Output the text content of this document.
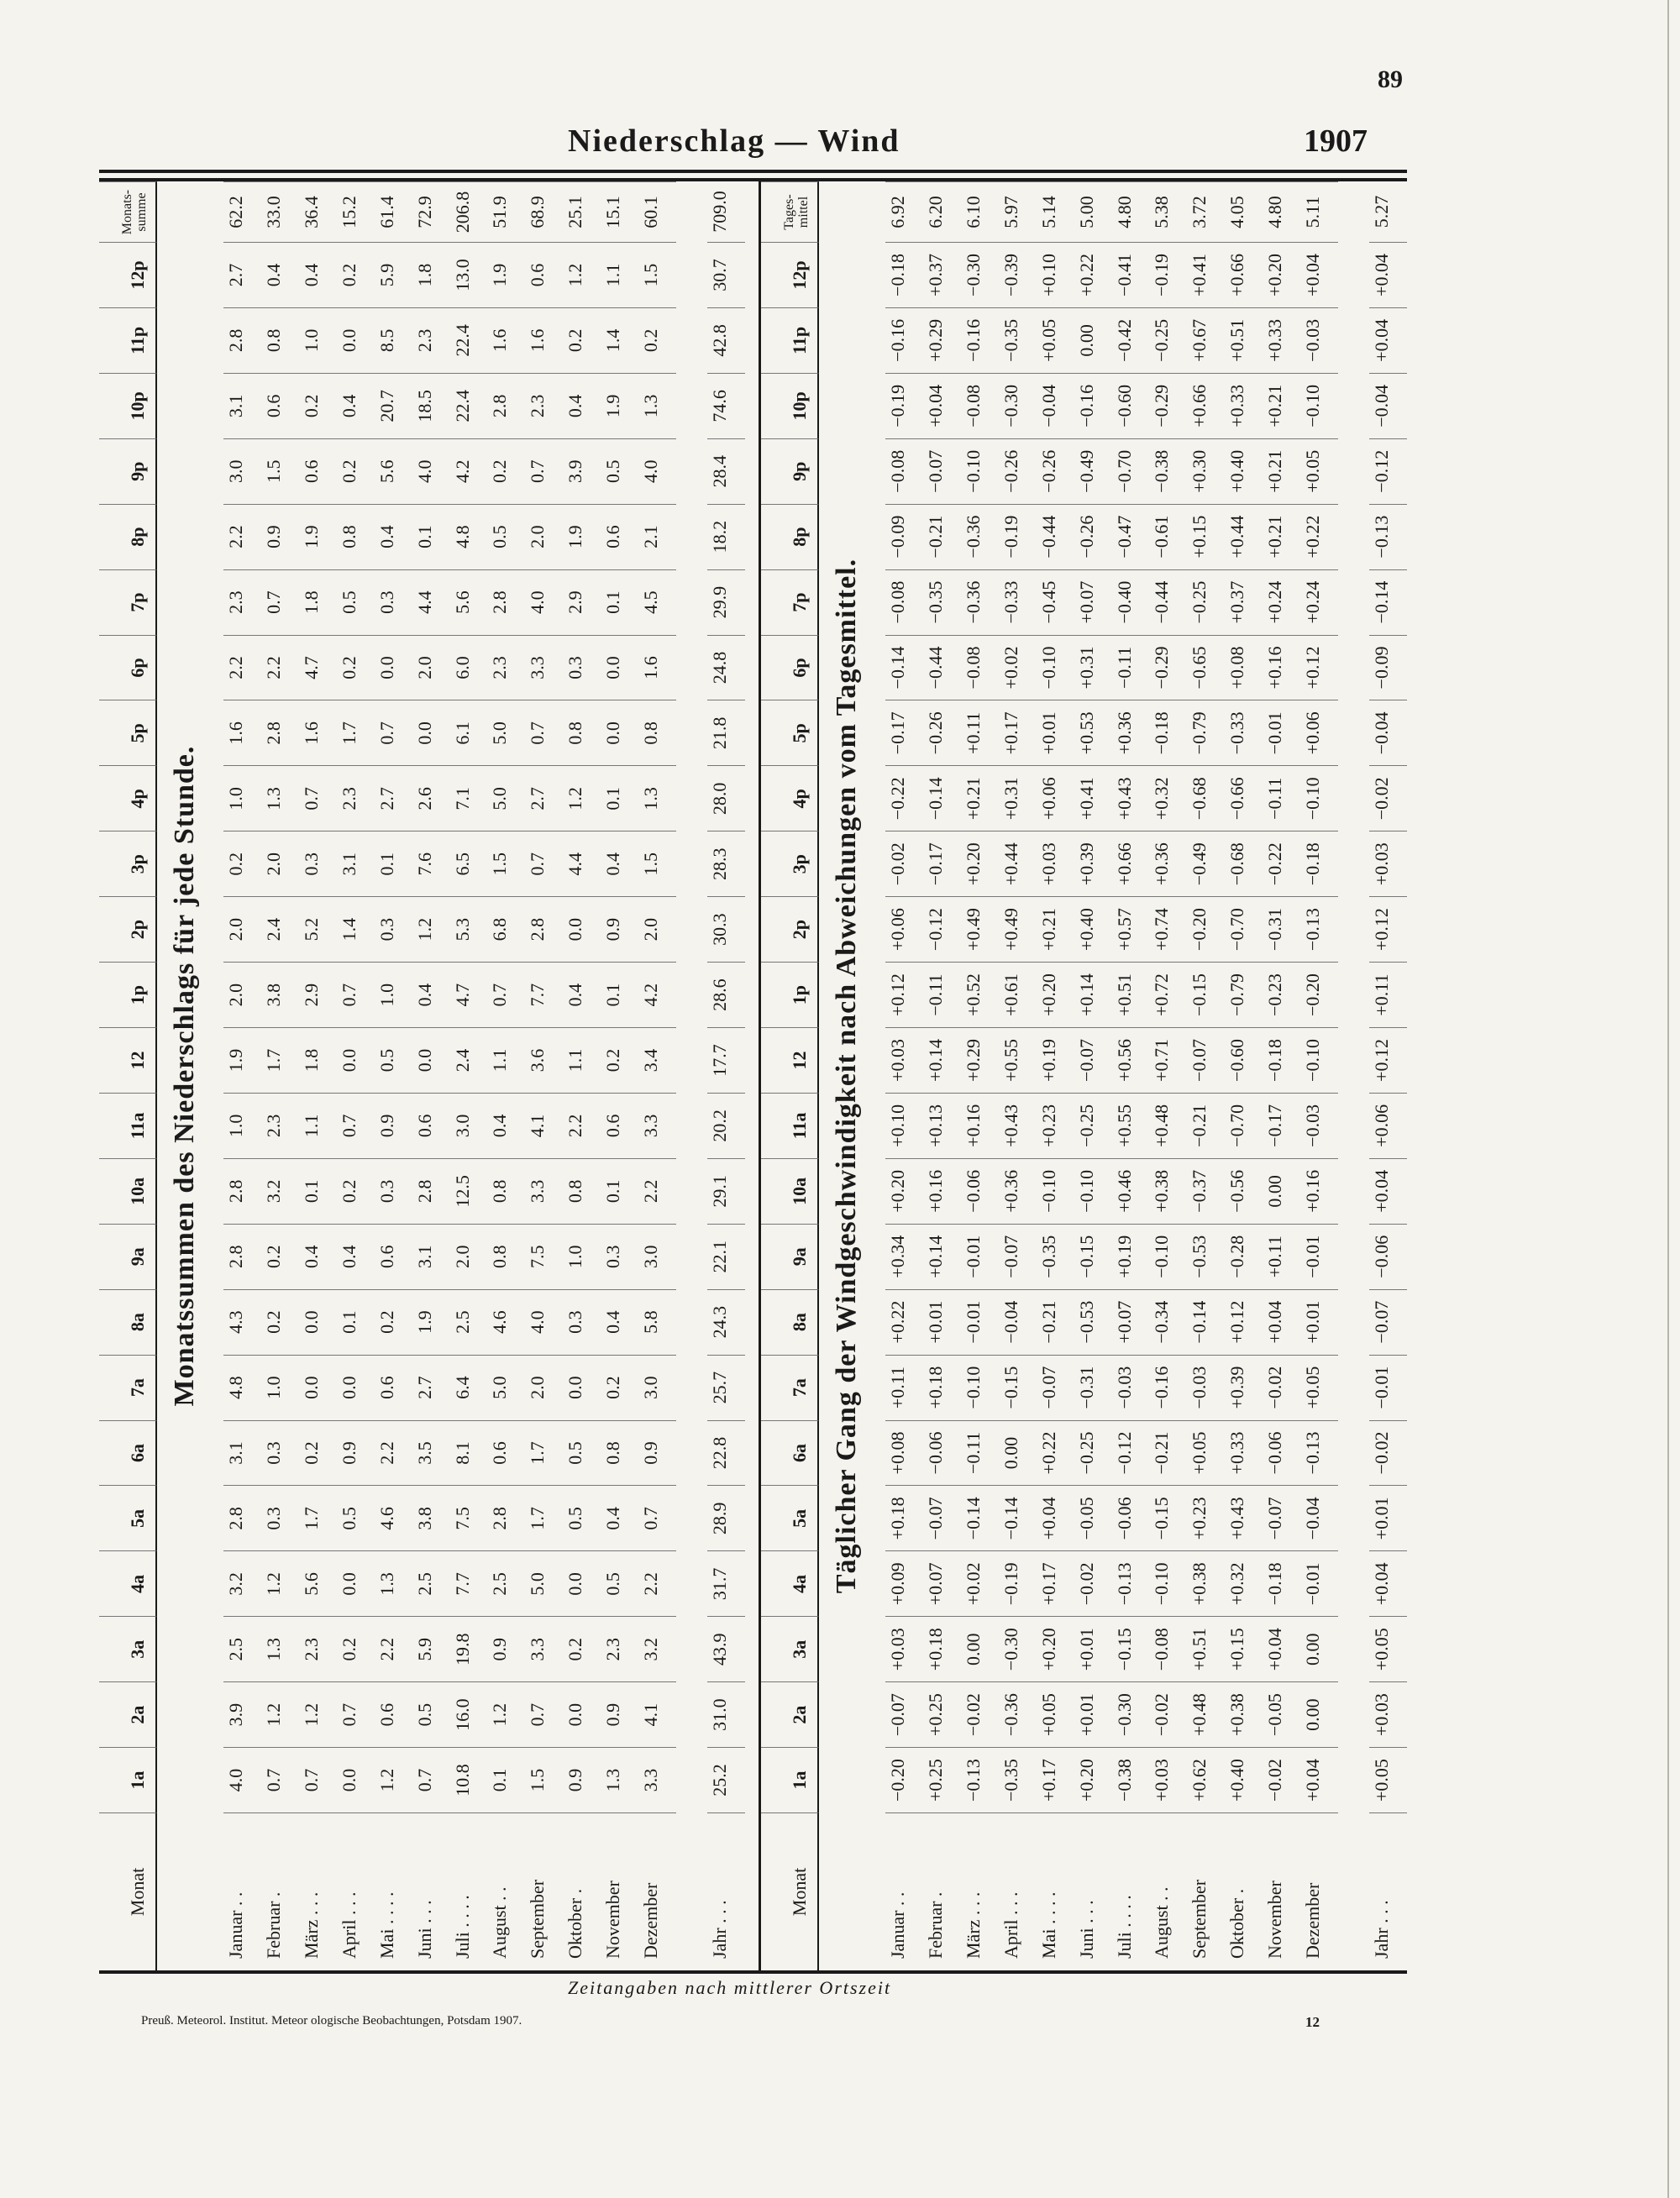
89
Niederschlag — Wind	1907
Monat
1a
2a
3a
4a
5a
6a
7a
8a
9a
10a
11a
12
1p
2p
3p
4p
5p
6p
7p
8p
9p
10p
11p
12p
Monats-summe
Monatssummen des Niederschlags für jede Stunde.
Januar . .
4.0
3.9
2.5
3.2
2.8
3.1
4.8
4.3
2.8
2.8
1.0
1.9
2.0
2.0
0.2
1.0
1.6
2.2
2.3
2.2
3.0
3.1
2.8
2.7
62.2
Februar .
0.7
1.2
1.3
1.2
0.3
0.3
1.0
0.2
0.2
3.2
2.3
1.7
3.8
2.4
2.0
1.3
2.8
2.2
0.7
0.9
1.5
0.6
0.8
0.4
33.0
März . . .
0.7
1.2
2.3
5.6
1.7
0.2
0.0
0.0
0.4
0.1
1.1
1.8
2.9
5.2
0.3
0.7
1.6
4.7
1.8
1.9
0.6
0.2
1.0
0.4
36.4
April . . .
0.0
0.7
0.2
0.0
0.5
0.9
0.0
0.1
0.4
0.2
0.7
0.0
0.7
1.4
3.1
2.3
1.7
0.2
0.5
0.8
0.2
0.4
0.0
0.2
15.2
Mai . . . .
1.2
0.6
2.2
1.3
4.6
2.2
0.6
0.2
0.6
0.3
0.9
0.5
1.0
0.3
0.1
2.7
0.7
0.0
0.3
0.4
5.6
20.7
8.5
5.9
61.4
Juni . . .
0.7
0.5
5.9
2.5
3.8
3.5
2.7
1.9
3.1
2.8
0.6
0.0
0.4
1.2
7.6
2.6
0.0
2.0
4.4
0.1
4.0
18.5
2.3
1.8
72.9
Juli . . . .
10.8
16.0
19.8
7.7
7.5
8.1
6.4
2.5
2.0
12.5
3.0
2.4
4.7
5.3
6.5
7.1
6.1
6.0
5.6
4.8
4.2
22.4
22.4
13.0
206.8
August . .
0.1
1.2
0.9
2.5
2.8
0.6
5.0
4.6
0.8
0.8
0.4
1.1
0.7
6.8
1.5
5.0
5.0
2.3
2.8
0.5
0.2
2.8
1.6
1.9
51.9
September
1.5
0.7
3.3
5.0
1.7
1.7
2.0
4.0
7.5
3.3
4.1
3.6
7.7
2.8
0.7
2.7
0.7
3.3
4.0
2.0
0.7
2.3
1.6
0.6
68.9
Oktober .
0.9
0.0
0.2
0.0
0.5
0.5
0.0
0.3
1.0
0.8
2.2
1.1
0.4
0.0
4.4
1.2
0.8
0.3
2.9
1.9
3.9
0.4
0.2
1.2
25.1
November
1.3
0.9
2.3
0.5
0.4
0.8
0.2
0.4
0.3
0.1
0.6
0.2
0.1
0.9
0.4
0.1
0.0
0.0
0.1
0.6
0.5
1.9
1.4
1.1
15.1
Dezember
3.3
4.1
3.2
2.2
0.7
0.9
3.0
5.8
3.0
2.2
3.3
3.4
4.2
2.0
1.5
1.3
0.8
1.6
4.5
2.1
4.0
1.3
0.2
1.5
60.1
Jahr . . .
25.2
31.0
43.9
31.7
28.9
22.8
25.7
24.3
22.1
29.1
20.2
17.7
28.6
30.3
28.3
28.0
21.8
24.8
29.9
18.2
28.4
74.6
42.8
30.7
709.0
Monat
1a
2a
3a
4a
5a
6a
7a
8a
9a
10a
11a
12
1p
2p
3p
4p
5p
6p
7p
8p
9p
10p
11p
12p
Tages-mittel
Täglicher Gang der Windgeschwindigkeit nach Abweichungen vom Tagesmittel.
Januar . .
−0.20
−0.07
+0.03
+0.09
+0.18
+0.08
+0.11
+0.22
+0.34
+0.20
+0.10
+0.03
+0.12
+0.06
−0.02
−0.22
−0.17
−0.14
−0.08
−0.09
−0.08
−0.19
−0.16
−0.18
6.92
Februar .
+0.25
+0.25
+0.18
+0.07
−0.07
−0.06
+0.18
+0.01
+0.14
+0.16
+0.13
+0.14
−0.11
−0.12
−0.17
−0.14
−0.26
−0.44
−0.35
−0.21
−0.07
+0.04
+0.29
+0.37
6.20
März . . .
−0.13
−0.02
0.00
+0.02
−0.14
−0.11
−0.10
−0.01
−0.01
−0.06
+0.16
+0.29
+0.52
+0.49
+0.20
+0.21
+0.11
−0.08
−0.36
−0.36
−0.10
−0.08
−0.16
−0.30
6.10
April . . .
−0.35
−0.36
−0.30
−0.19
−0.14
0.00
−0.15
−0.04
−0.07
+0.36
+0.43
+0.55
+0.61
+0.49
+0.44
+0.31
+0.17
+0.02
−0.33
−0.19
−0.26
−0.30
−0.35
−0.39
5.97
Mai . . . .
+0.17
+0.05
+0.20
+0.17
+0.04
+0.22
−0.07
−0.21
−0.35
−0.10
+0.23
+0.19
+0.20
+0.21
+0.03
+0.06
+0.01
−0.10
−0.45
−0.44
−0.26
−0.04
+0.05
+0.10
5.14
Juni . . .
+0.20
+0.01
+0.01
−0.02
−0.05
−0.25
−0.31
−0.53
−0.15
−0.10
−0.25
−0.07
+0.14
+0.40
+0.39
+0.41
+0.53
+0.31
+0.07
−0.26
−0.49
−0.16
0.00
+0.22
5.00
Juli . . . .
−0.38
−0.30
−0.15
−0.13
−0.06
−0.12
−0.03
+0.07
+0.19
+0.46
+0.55
+0.56
+0.51
+0.57
+0.66
+0.43
+0.36
−0.11
−0.40
−0.47
−0.70
−0.60
−0.42
−0.41
4.80
August . .
+0.03
−0.02
−0.08
−0.10
−0.15
−0.21
−0.16
−0.34
−0.10
+0.38
+0.48
+0.71
+0.72
+0.74
+0.36
+0.32
−0.18
−0.29
−0.44
−0.61
−0.38
−0.29
−0.25
−0.19
5.38
September
+0.62
+0.48
+0.51
+0.38
+0.23
+0.05
−0.03
−0.14
−0.53
−0.37
−0.21
−0.07
−0.15
−0.20
−0.49
−0.68
−0.79
−0.65
−0.25
+0.15
+0.30
+0.66
+0.67
+0.41
3.72
Oktober .
+0.40
+0.38
+0.15
+0.32
+0.43
+0.33
+0.39
+0.12
−0.28
−0.56
−0.70
−0.60
−0.79
−0.70
−0.68
−0.66
−0.33
+0.08
+0.37
+0.44
+0.40
+0.33
+0.51
+0.66
4.05
November
−0.02
−0.05
+0.04
−0.18
−0.07
−0.06
−0.02
+0.04
+0.11
0.00
−0.17
−0.18
−0.23
−0.31
−0.22
−0.11
−0.01
+0.16
+0.24
+0.21
+0.21
+0.21
+0.33
+0.20
4.80
Dezember
+0.04
0.00
0.00
−0.01
−0.04
−0.13
+0.05
+0.01
−0.01
+0.16
−0.03
−0.10
−0.20
−0.13
−0.18
−0.10
+0.06
+0.12
+0.24
+0.22
+0.05
−0.10
−0.03
+0.04
5.11
Jahr . . .
+0.05
+0.03
+0.05
+0.04
+0.01
−0.02
−0.01
−0.07
−0.06
+0.04
+0.06
+0.12
+0.11
+0.12
+0.03
−0.02
−0.04
−0.09
−0.14
−0.13
−0.12
−0.04
+0.04
+0.04
5.27
Zeitangaben nach mittlerer Ortszeit
Preuß. Meteorol. Institut. Meteor ologische Beobachtungen, Potsdam 1907.	12
